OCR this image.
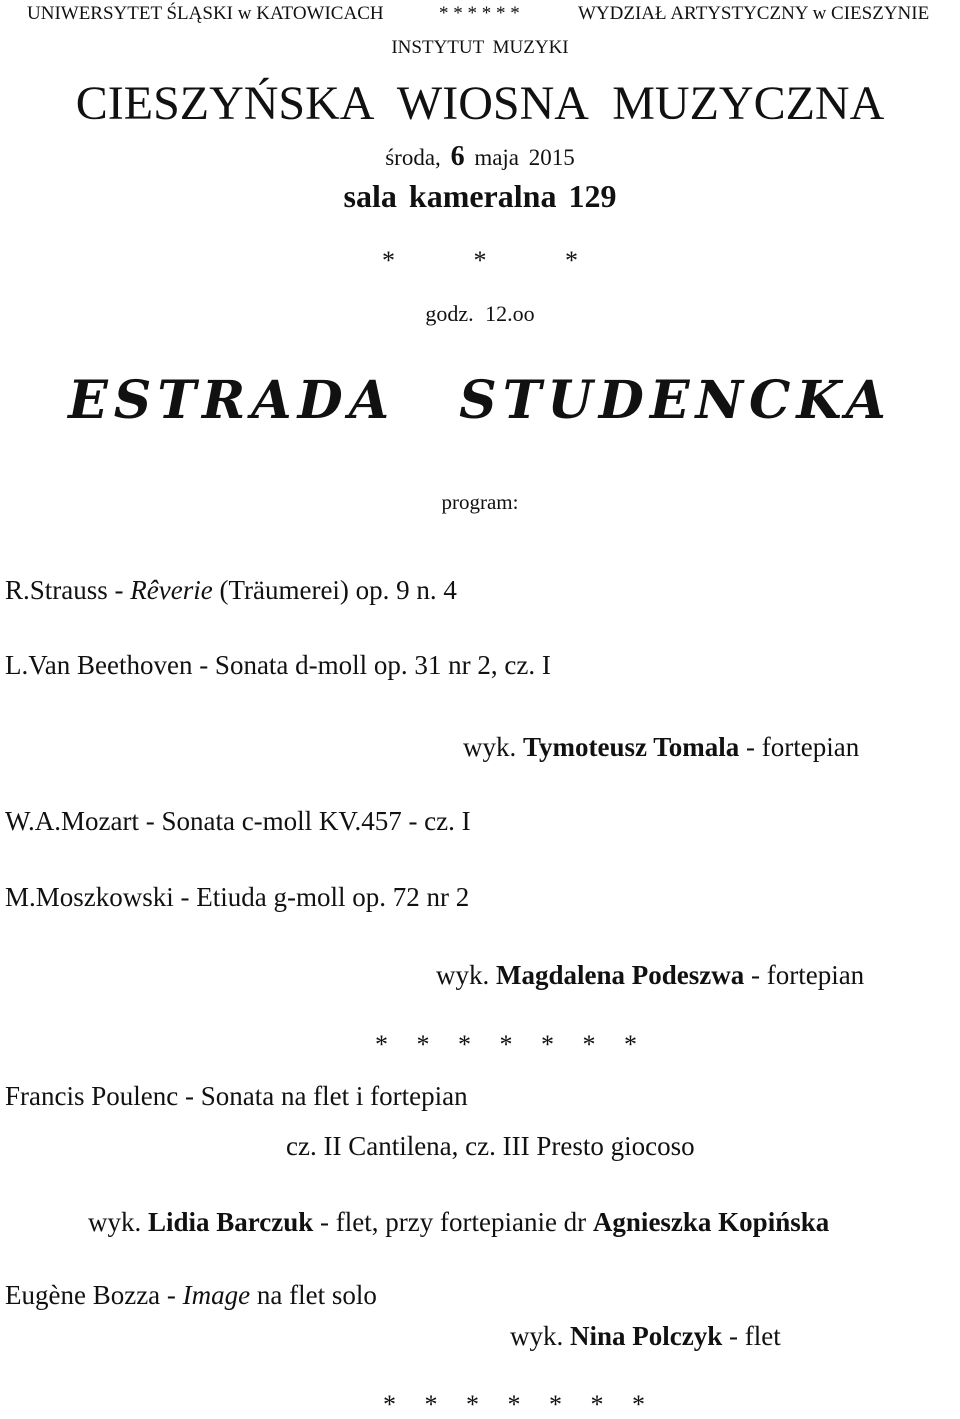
UNIWERSYTET ŚLĄSKI w KATOWICACH	* * * * * *	WYDZIAŁ ARTYSTYCZNY w CIESZYNIE
INSTYTUT MUZYKI
CIESZYŃSKA WIOSNA MUZYCZNA
środa, 6 maja 2015
sala kameralna 129
* * *
godz. 12.oo
ESTRADA STUDENCKA
program:
R.Strauss - Rêverie (Träumerei) op. 9 n. 4
L.Van Beethoven - Sonata d-moll op. 31 nr 2, cz. I
wyk. Tymoteusz Tomala - fortepian
W.A.Mozart - Sonata c-moll KV.457 - cz. I
M.Moszkowski - Etiuda g-moll op. 72 nr 2
wyk. Magdalena Podeszwa - fortepian
* * * * * * *
Francis Poulenc - Sonata na flet i fortepian
cz. II Cantilena, cz. III Presto giocoso
wyk. Lidia Barczuk - flet, przy fortepianie dr Agnieszka Kopińska
Eugène Bozza - Image na flet solo
wyk. Nina Polczyk - flet
* * * * * * *
